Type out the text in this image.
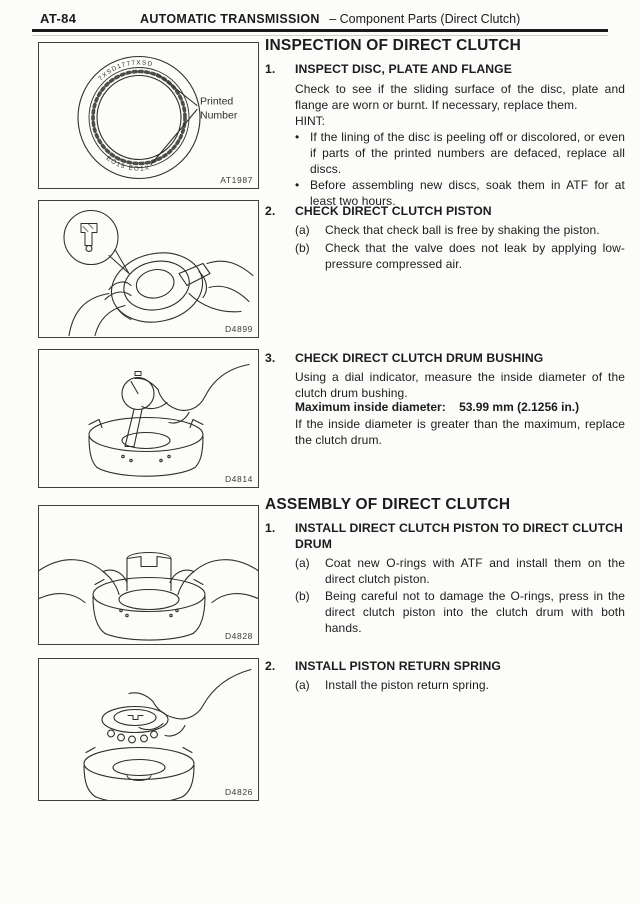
AT-84	AUTOMATIC TRANSMISSION – Component Parts (Direct Clutch)
7XSD1777XSD
EO15 EO1X
Printed
Number
AT1987
D4899
D4814
D4828
D4826
INSPECTION OF DIRECT CLUTCH
1.	INSPECT DISC, PLATE AND FLANGE
Check to see if the sliding surface of the disc, plate and flange are worn or burnt. If necessary, replace them.
HINT:
• If the lining of the disc is peeling off or discolored, or even if parts of the printed numbers are defaced, replace all discs.
• Before assembling new discs, soak them in ATF for at least two hours.
2.	CHECK DIRECT CLUTCH PISTON
(a)	Check that check ball is free by shaking the piston.
(b)	Check that the valve does not leak by applying low-pressure compressed air.
3.	CHECK DIRECT CLUTCH DRUM BUSHING
Using a dial indicator, measure the inside diameter of the clutch drum bushing.
Maximum inside diameter: 53.99 mm (2.1256 in.)
If the inside diameter is greater than the maximum, replace the clutch drum.
ASSEMBLY OF DIRECT CLUTCH
1.	INSTALL DIRECT CLUTCH PISTON TO DIRECT CLUTCH DRUM
(a)	Coat new O-rings with ATF and install them on the direct clutch piston.
(b)	Being careful not to damage the O-rings, press in the direct clutch piston into the clutch drum with both hands.
2.	INSTALL PISTON RETURN SPRING
(a)	Install the piston return spring.
